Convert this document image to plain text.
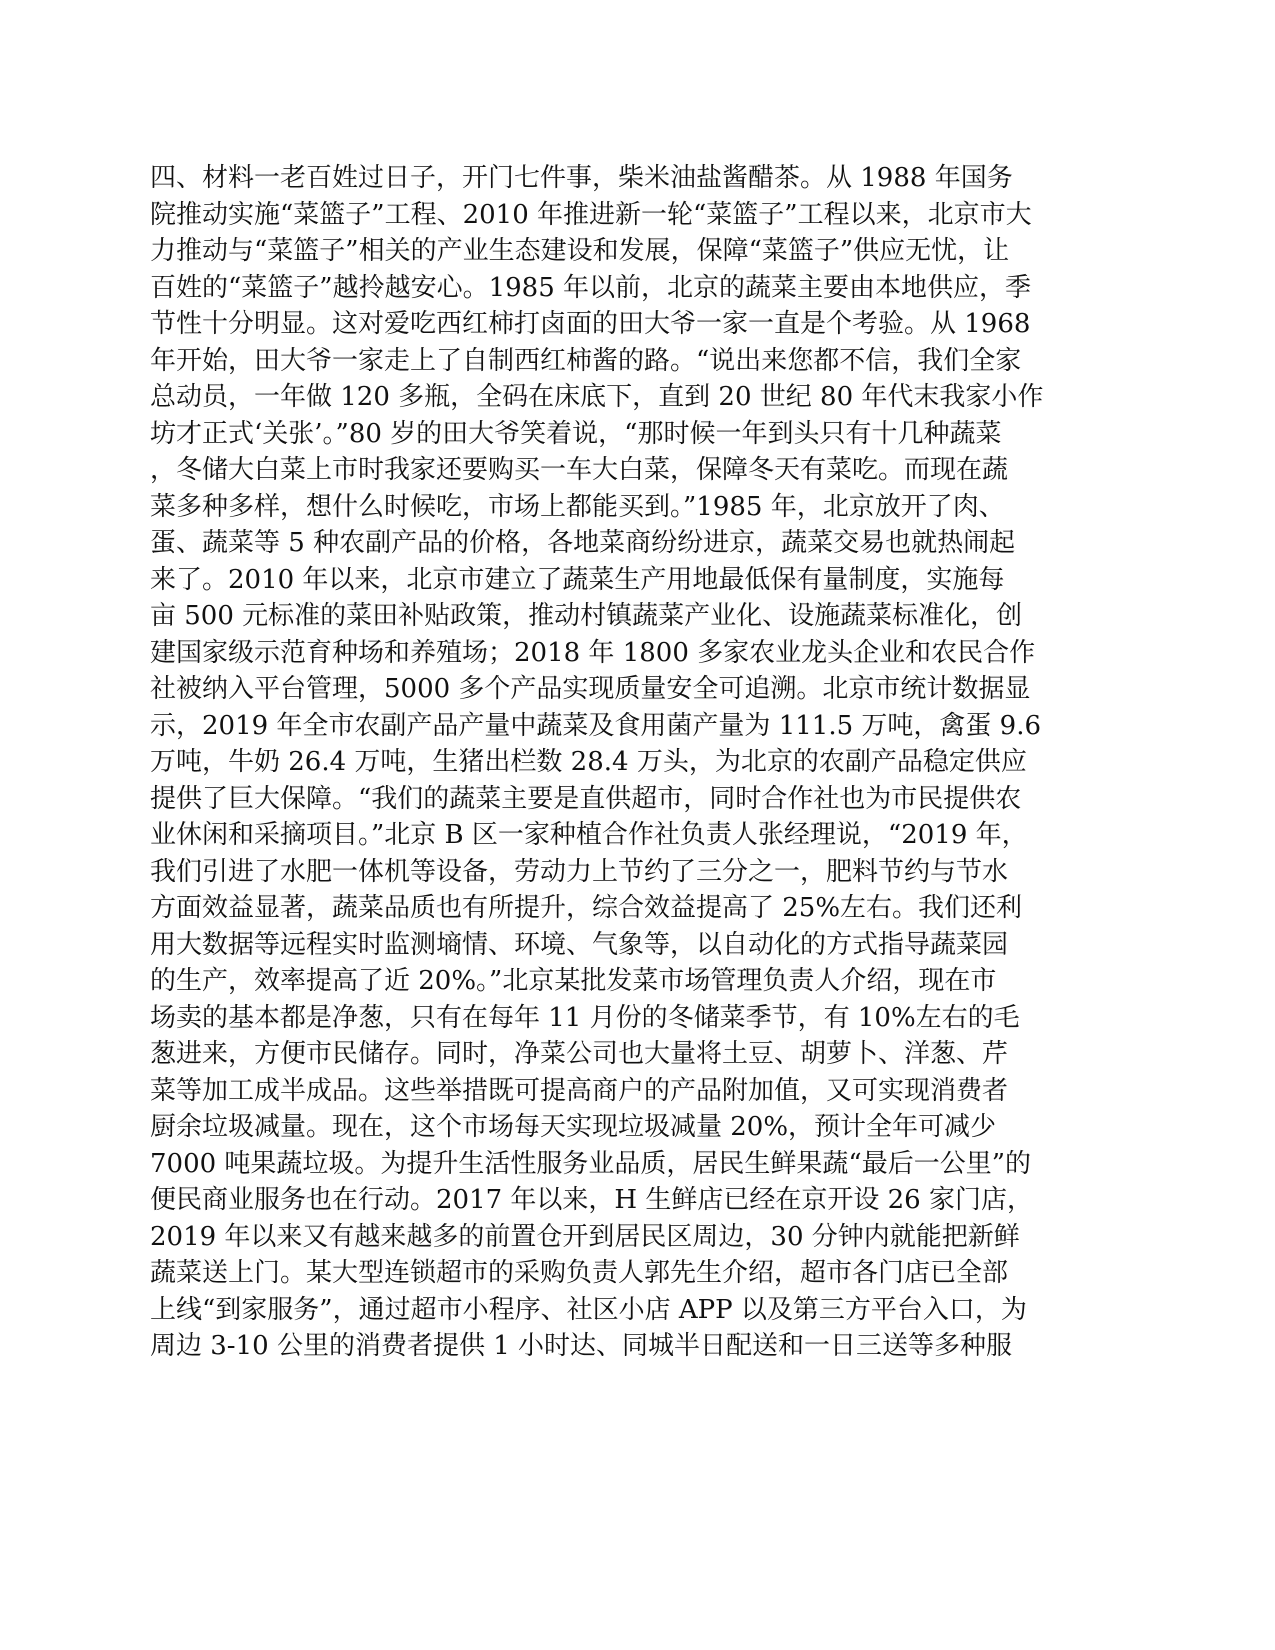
四、材料一老百姓过日子，开门七件事，柴米油盐酱醋茶。从 1988 年国务
院推动实施“菜篮子”工程、2010 年推进新一轮“菜篮子”工程以来，北京市大
力推动与“菜篮子”相关的产业生态建设和发展，保障“菜篮子”供应无忧，让
百姓的“菜篮子”越拎越安心。1985 年以前，北京的蔬菜主要由本地供应，季
节性十分明显。这对爱吃西红柿打卤面的田大爷一家一直是个考验。从 1968
年开始，田大爷一家走上了自制西红柿酱的路。“说出来您都不信，我们全家
总动员，一年做 120 多瓶，全码在床底下，直到 20 世纪 80 年代末我家小作
坊才正式‘关张’。”80 岁的田大爷笑着说，“那时候一年到头只有十几种蔬菜
，冬储大白菜上市时我家还要购买一车大白菜，保障冬天有菜吃。而现在蔬
菜多种多样，想什么时候吃，市场上都能买到。”1985 年，北京放开了肉、
蛋、蔬菜等 5 种农副产品的价格，各地菜商纷纷进京，蔬菜交易也就热闹起
来了。2010 年以来，北京市建立了蔬菜生产用地最低保有量制度，实施每
亩 500 元标准的菜田补贴政策，推动村镇蔬菜产业化、设施蔬菜标准化，创
建国家级示范育种场和养殖场；2018 年 1800 多家农业龙头企业和农民合作
社被纳入平台管理，5000 多个产品实现质量安全可追溯。北京市统计数据显
示，2019 年全市农副产品产量中蔬菜及食用菌产量为 111.5 万吨，禽蛋 9.6
万吨，牛奶 26.4 万吨，生猪出栏数 28.4 万头，为北京的农副产品稳定供应
提供了巨大保障。“我们的蔬菜主要是直供超市，同时合作社也为市民提供农
业休闲和采摘项目。”北京 B 区一家种植合作社负责人张经理说，“2019 年，
我们引进了水肥一体机等设备，劳动力上节约了三分之一，肥料节约与节水
方面效益显著，蔬菜品质也有所提升，综合效益提高了 25%左右。我们还利
用大数据等远程实时监测墒情、环境、气象等，以自动化的方式指导蔬菜园
的生产，效率提高了近 20%。”北京某批发菜市场管理负责人介绍，现在市
场卖的基本都是净葱，只有在每年 11 月份的冬储菜季节，有 10%左右的毛
葱进来，方便市民储存。同时，净菜公司也大量将土豆、胡萝卜、洋葱、芹
菜等加工成半成品。这些举措既可提高商户的产品附加值，又可实现消费者
厨余垃圾减量。现在，这个市场每天实现垃圾减量 20%，预计全年可减少
7000 吨果蔬垃圾。为提升生活性服务业品质，居民生鲜果蔬“最后一公里”的
便民商业服务也在行动。2017 年以来，H 生鲜店已经在京开设 26 家门店，
2019 年以来又有越来越多的前置仓开到居民区周边，30 分钟内就能把新鲜
蔬菜送上门。某大型连锁超市的采购负责人郭先生介绍，超市各门店已全部
上线“到家服务”，通过超市小程序、社区小店 APP 以及第三方平台入口，为
周边 3-10 公里的消费者提供 1 小时达、同城半日配送和一日三送等多种服
